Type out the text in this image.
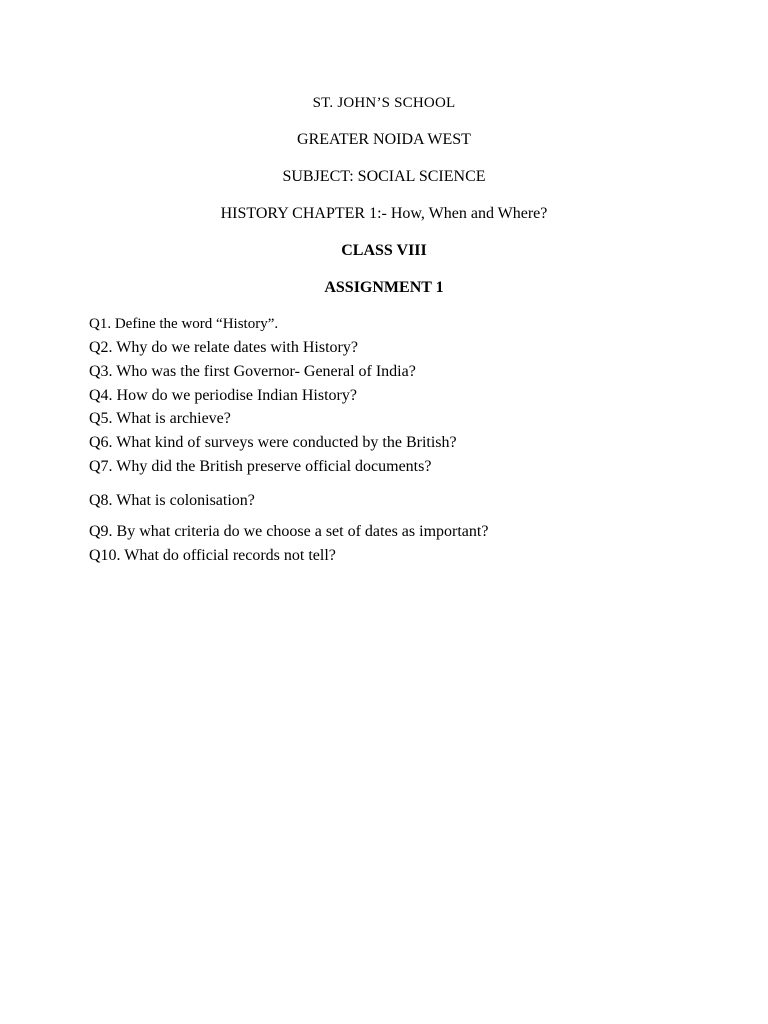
ST. JOHN’S SCHOOL
GREATER NOIDA WEST
SUBJECT: SOCIAL SCIENCE
HISTORY CHAPTER 1:- How, When and Where?
CLASS VIII
ASSIGNMENT 1
Q1. Define the word “History”.
Q2. Why do we relate dates with History?
Q3. Who was the first Governor- General of India?
Q4. How do we periodise Indian History?
Q5. What is archieve?
Q6. What kind of surveys were conducted by the British?
Q7. Why did the British preserve official documents?
Q8. What is colonisation?
Q9. By what criteria do we choose a set of dates as important?
Q10. What do official records not tell?
